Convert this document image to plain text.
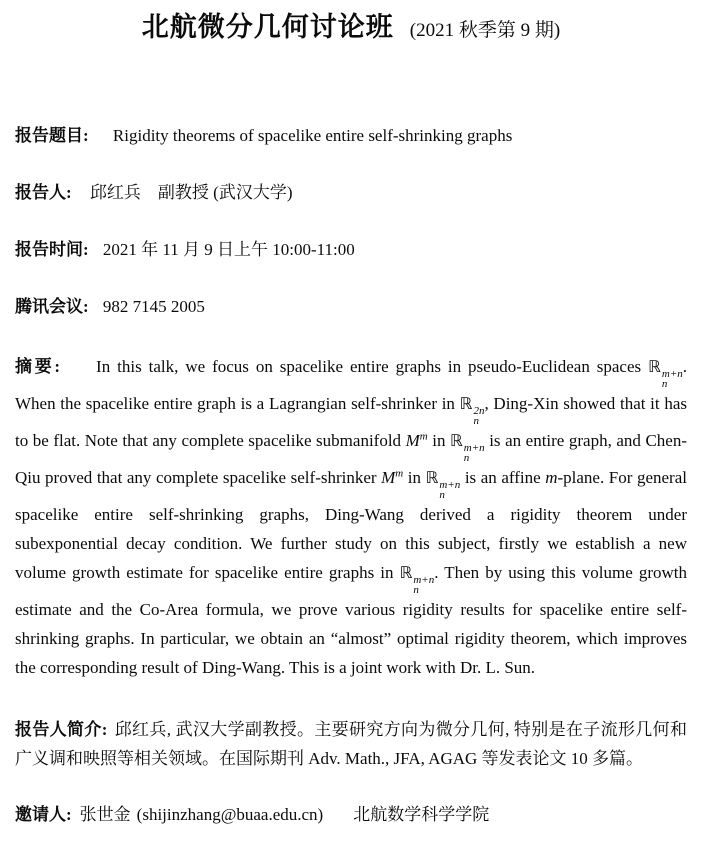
北航微分几何讨论班 (2021 秋季第 9 期)
报告题目: Rigidity theorems of spacelike entire self-shrinking graphs
报告人: 邱红兵　副教授 (武汉大学)
报告时间: 2021 年 11 月 9 日上午 10:00-11:00
腾讯会议: 982 7145 2005

摘要: In this talk, we focus on spacelike entire graphs in pseudo-Euclidean spaces ℝ m+n
n
. When the spacelike entire graph is a Lagrangian self-shrinker in ℝ 2n
n
, Ding-Xin showed that it has to be flat. Note that any complete spacelike submanifold $M^m$ in ℝ m+n
n
is an entire graph, and Chen-Qiu proved that any complete spacelike self-shrinker $M^m$ in ℝ m+n
n
is an affine m-plane. For general spacelike entire self-shrinking graphs, Ding-Wang derived a rigidity theorem under subexponential decay condition. We further study on this subject, firstly we establish a new volume growth estimate for spacelike entire graphs in ℝ m+n
n
. Then by using this volume growth estimate and the Co-Area formula, we prove various rigidity results for spacelike entire self-shrinking graphs. In particular, we obtain an “almost” optimal rigidity theorem, which improves the corresponding result of Ding-Wang. This is a joint work with Dr. L. Sun.

报告人简介: 邱红兵, 武汉大学副教授。主要研究方向为微分几何, 特别是在子流形几何和广义调和映照等相关领域。在国际期刊 Adv. Math., JFA, AGAG 等发表论文 10 多篇。

邀请人: 张世金 (shijinzhang@buaa.edu.cn) 北航数学科学学院
